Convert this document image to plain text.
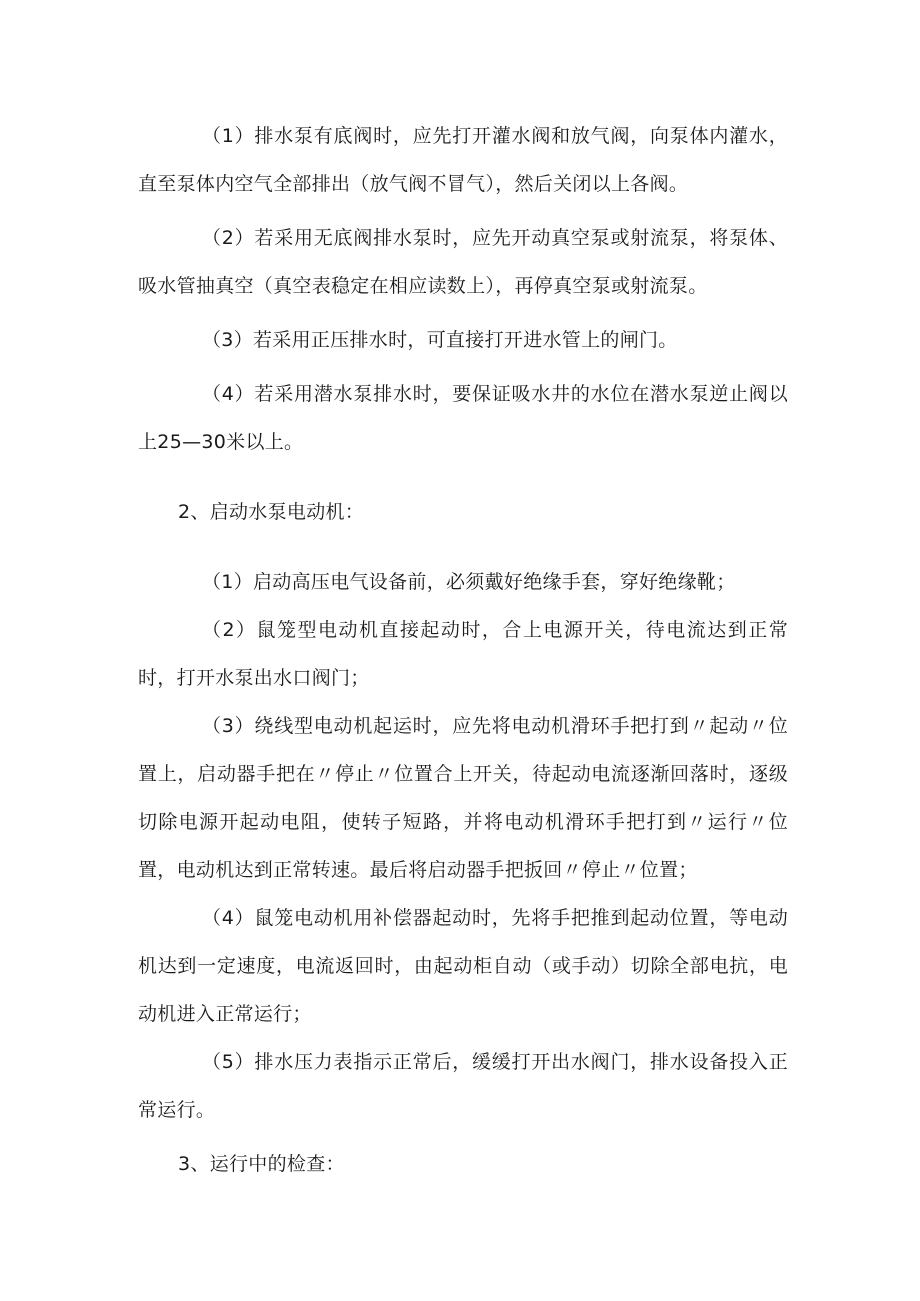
（1）排水泵有底阀时，应先打开灌水阀和放气阀，向泵体内灌水，直至泵体内空气全部排出（放气阀不冒气），然后关闭以上各阀。

（2）若采用无底阀排水泵时，应先开动真空泵或射流泵，将泵体、吸水管抽真空（真空表稳定在相应读数上），再停真空泵或射流泵。

（3）若采用正压排水时，可直接打开进水管上的闸门。

（4）若采用潜水泵排水时，要保证吸水井的水位在潜水泵逆止阀以上25—30米以上。

2、启动水泵电动机：

（1）启动高压电气设备前，必须戴好绝缘手套，穿好绝缘靴；

（2）鼠笼型电动机直接起动时，合上电源开关，待电流达到正常时，打开水泵出水口阀门；

（3）绕线型电动机起运时，应先将电动机滑环手把打到〃起动〃位置上，启动器手把在〃停止〃位置合上开关，待起动电流逐渐回落时，逐级切除电源开起动电阻，使转子短路，并将电动机滑环手把打到〃运行〃位置，电动机达到正常转速。最后将启动器手把扳回〃停止〃位置；

（4）鼠笼电动机用补偿器起动时，先将手把推到起动位置，等电动机达到一定速度，电流返回时，由起动柜自动（或手动）切除全部电抗，电动机进入正常运行；

（5）排水压力表指示正常后，缓缓打开出水阀门，排水设备投入正常运行。

3、运行中的检查：
